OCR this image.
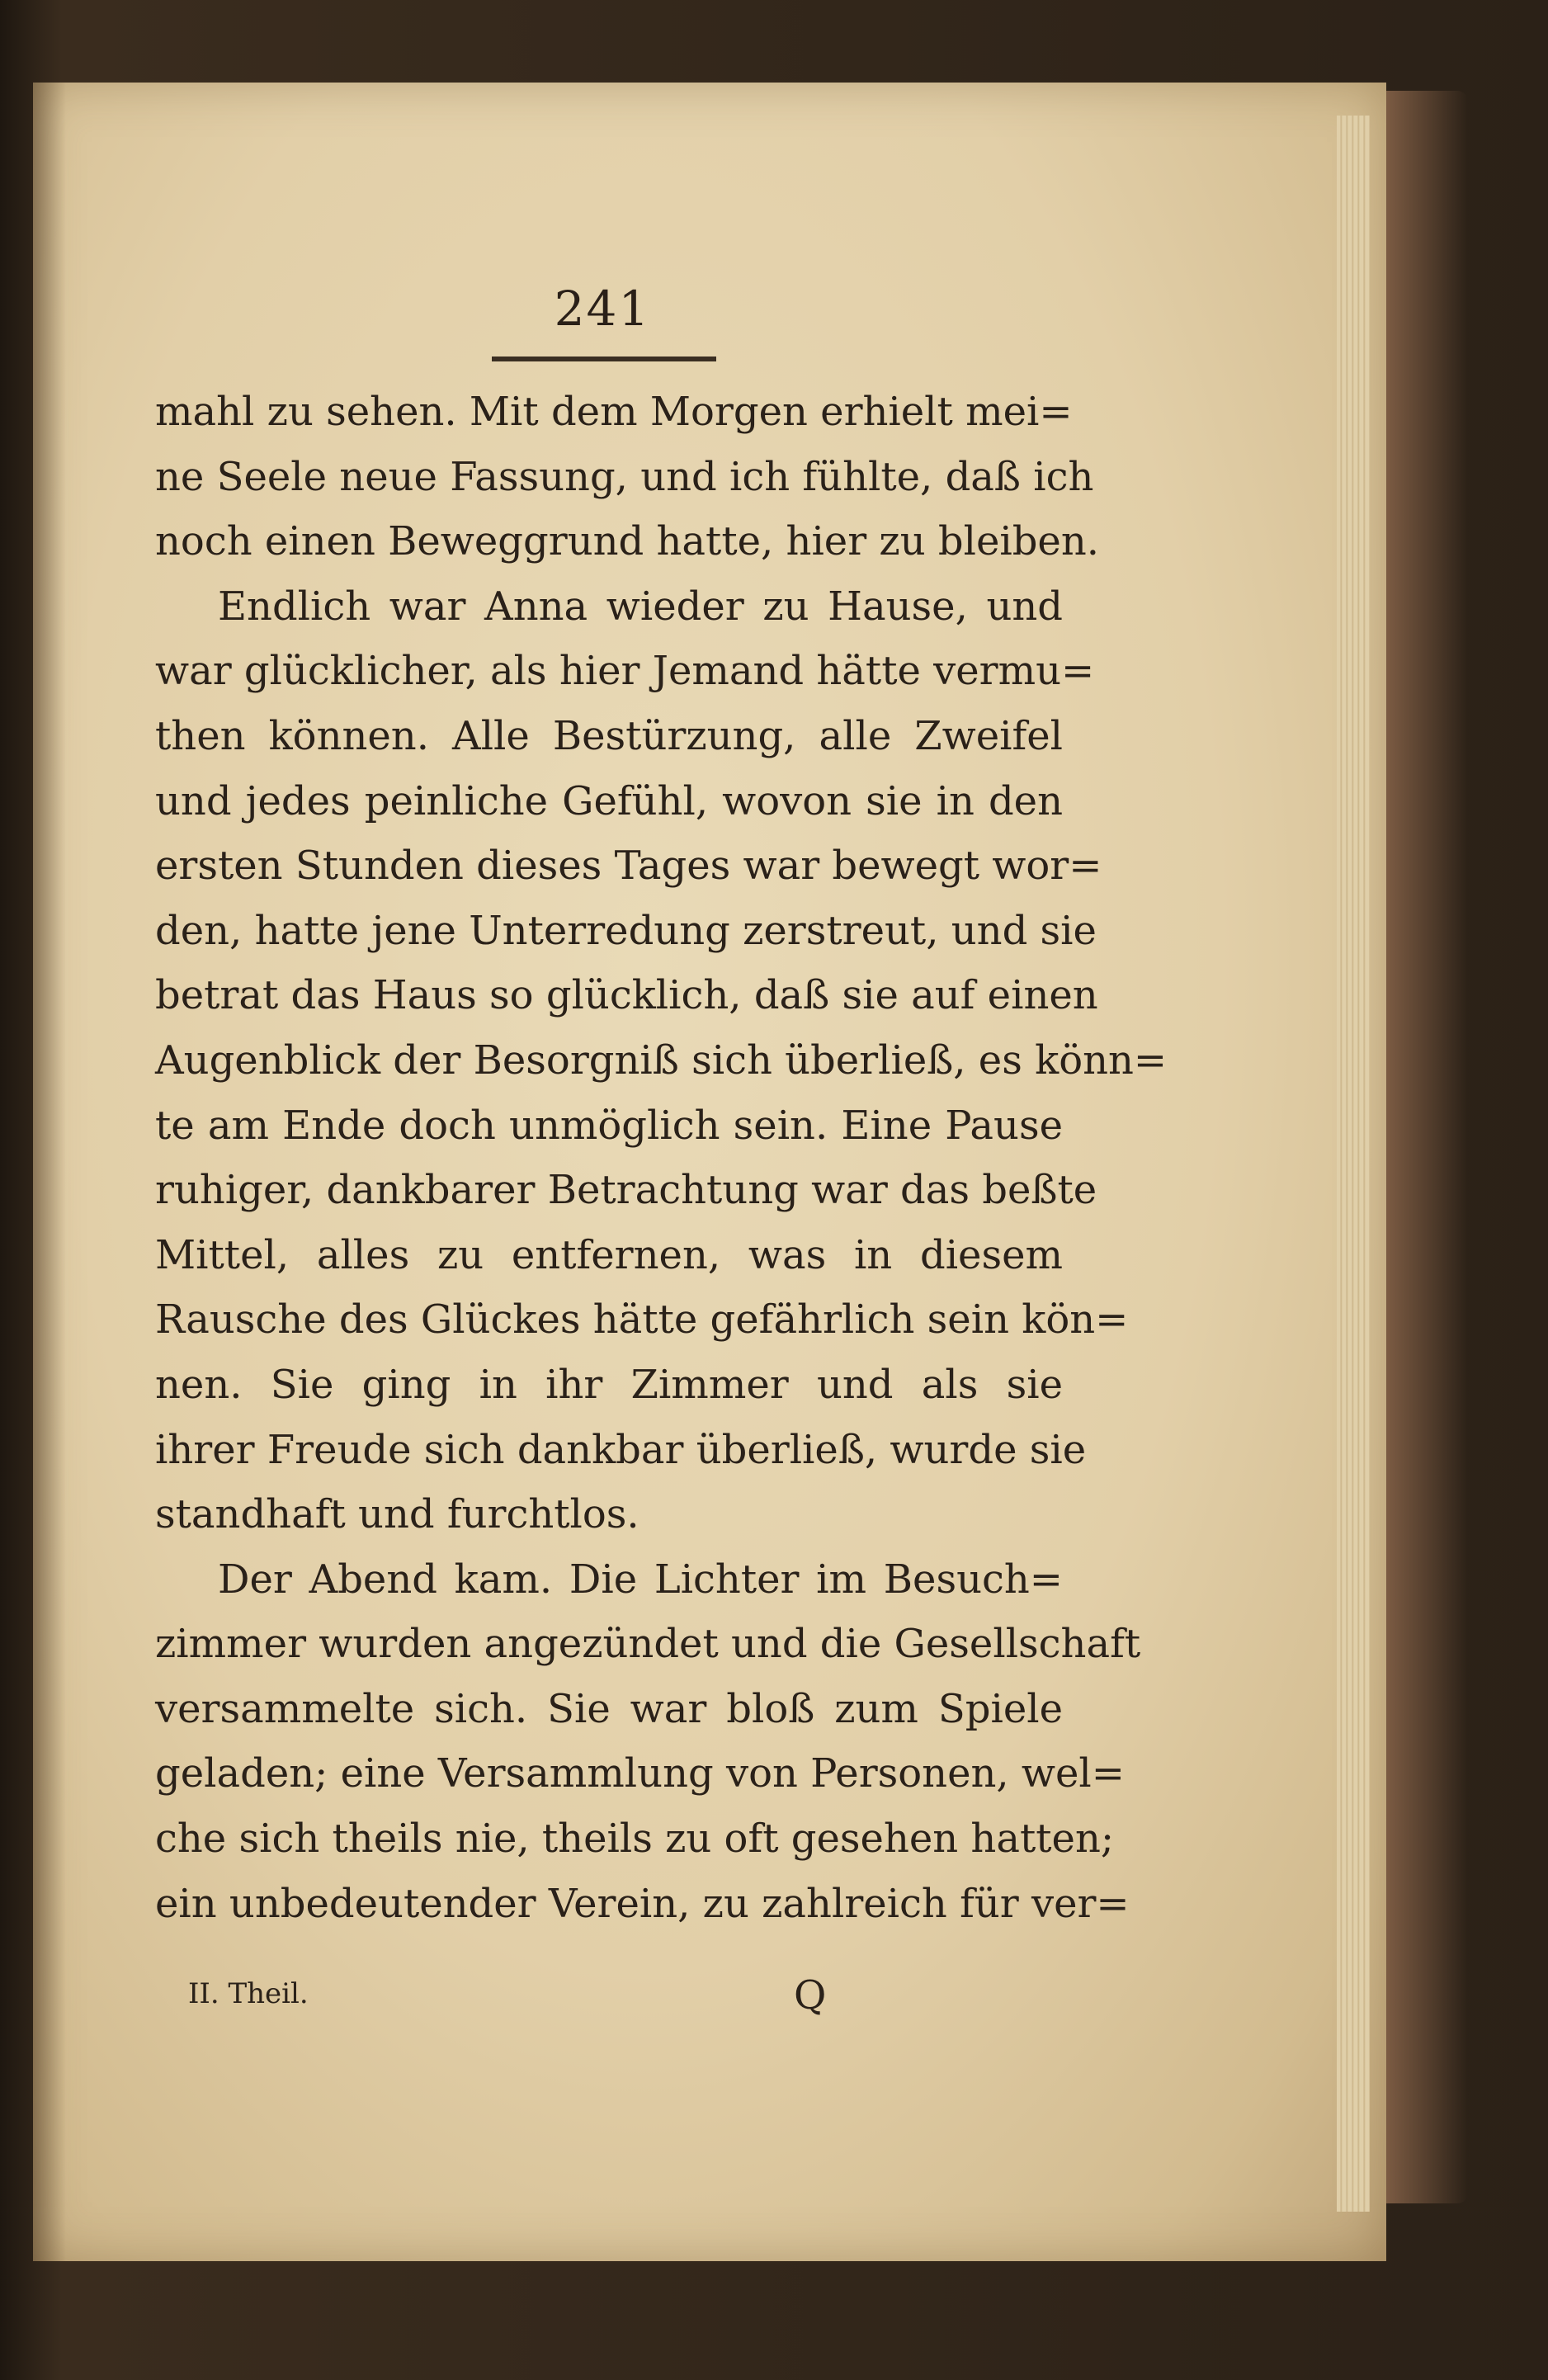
241
mahl zu sehen. Mit dem Morgen erhielt mei=
ne Seele neue Fassung, und ich fühlte, daß ich
noch einen Beweggrund hatte, hier zu bleiben.
Endlich war Anna wieder zu Hause, und
war glücklicher, als hier Jemand hätte vermu=
then können. Alle Bestürzung, alle Zweifel
und jedes peinliche Gefühl, wovon sie in den
ersten Stunden dieses Tages war bewegt wor=
den, hatte jene Unterredung zerstreut, und sie
betrat das Haus so glücklich, daß sie auf einen
Augenblick der Besorgniß sich überließ, es könn=
te am Ende doch unmöglich sein. Eine Pause
ruhiger, dankbarer Betrachtung war das beßte
Mittel, alles zu entfernen, was in diesem
Rausche des Glückes hätte gefährlich sein kön=
nen. Sie ging in ihr Zimmer und als sie
ihrer Freude sich dankbar überließ, wurde sie
standhaft und furchtlos.
Der Abend kam. Die Lichter im Besuch=
zimmer wurden angezündet und die Gesellschaft
versammelte sich. Sie war bloß zum Spiele
geladen; eine Versammlung von Personen, wel=
che sich theils nie, theils zu oft gesehen hatten;
ein unbedeutender Verein, zu zahlreich für ver=
II. Theil.	Q
